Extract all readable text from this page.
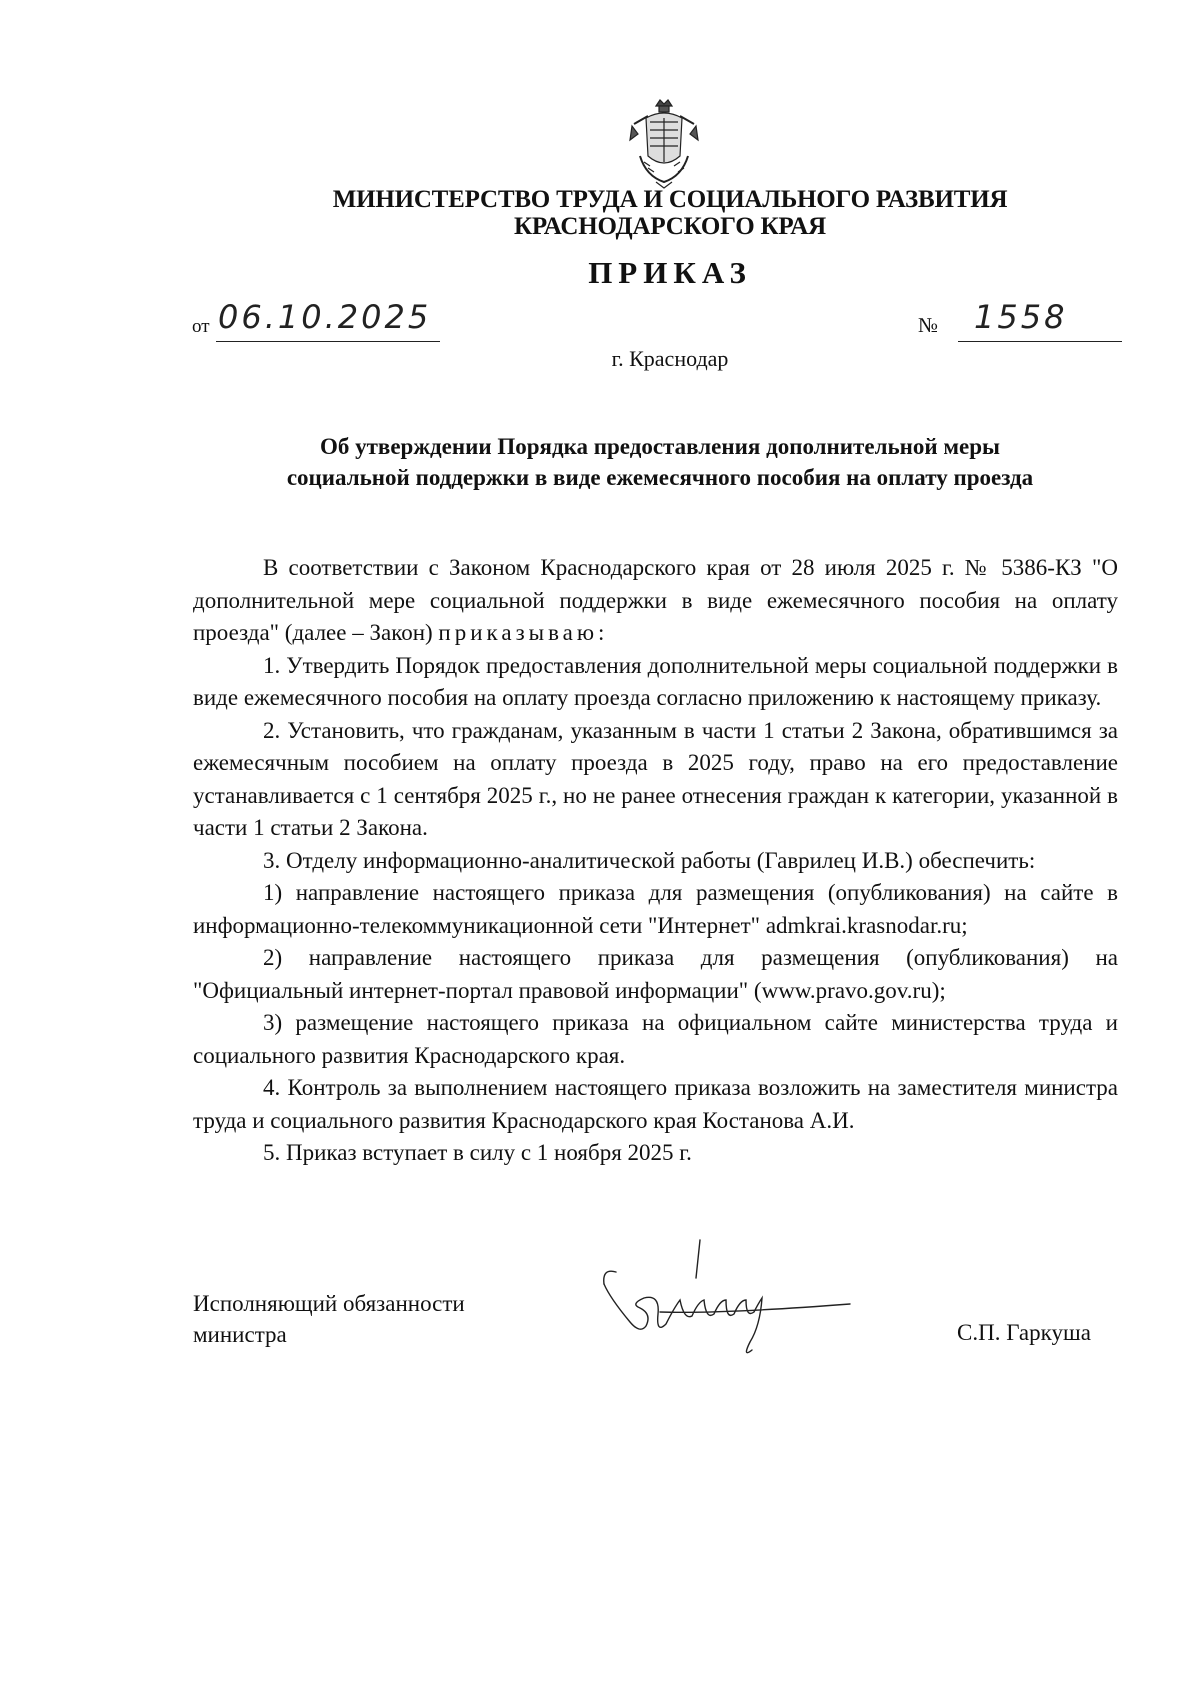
МИНИСТЕРСТВО ТРУДА И СОЦИАЛЬНОГО РАЗВИТИЯ
КРАСНОДАРСКОГО КРАЯ
ПРИКАЗ
от 06.10.2025	№ 1558
г. Краснодар
Об утверждении Порядка предоставления дополнительной меры социальной поддержки в виде ежемесячного пособия на оплату проезда

В соответствии с Законом Краснодарского края от 28 июля 2025 г. № 5386-КЗ "О дополнительной мере социальной поддержки в виде ежемесячного пособия на оплату проезда" (далее – Закон) приказываю:

1. Утвердить Порядок предоставления дополнительной меры социальной поддержки в виде ежемесячного пособия на оплату проезда согласно приложению к настоящему приказу.

2. Установить, что гражданам, указанным в части 1 статьи 2 Закона, обратившимся за ежемесячным пособием на оплату проезда в 2025 году, право на его предоставление устанавливается с 1 сентября 2025 г., но не ранее отнесения граждан к категории, указанной в части 1 статьи 2 Закона.

3. Отделу информационно-аналитической работы (Гаврилец И.В.) обеспечить:

1) направление настоящего приказа для размещения (опубликования) на сайте в информационно-телекоммуникационной сети "Интернет" admkrai.krasnodar.ru;

2) направление настоящего приказа для размещения (опубликования) на "Официальный интернет-портал правовой информации" (www.pravo.gov.ru);

3) размещение настоящего приказа на официальном сайте министерства труда и социального развития Краснодарского края.

4. Контроль за выполнением настоящего приказа возложить на заместителя министра труда и социального развития Краснодарского края Костанова А.И.

5. Приказ вступает в силу с 1 ноября 2025 г.

Исполняющий обязанности
министра	С.П. Гаркуша
